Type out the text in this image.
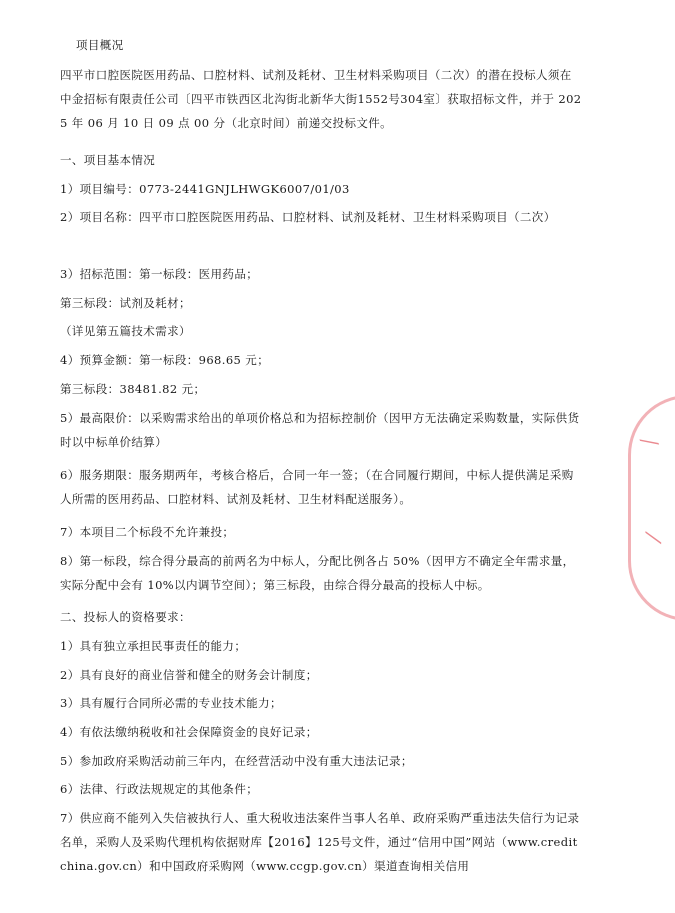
项目概况

四平市口腔医院医用药品、口腔材料、试剂及耗材、卫生材料采购项目（二次）的潜在投标人须在中金招标有限责任公司〔四平市铁西区北沟街北新华大街1552号304室〕获取招标文件，并于 2025 年 06 月 10 日 09 点 00 分（北京时间）前递交投标文件。

一、项目基本情况

1）项目编号：0773-2441GNJLHWGK6007/01/03

2）项目名称：四平市口腔医院医用药品、口腔材料、试剂及耗材、卫生材料采购项目（二次）

3）招标范围：第一标段：医用药品；

第三标段：试剂及耗材；

（详见第五篇技术需求）

4）预算金额：第一标段：968.65 元；

第三标段：38481.82 元；

5）最高限价：以采购需求给出的单项价格总和为招标控制价（因甲方无法确定采购数量，实际供货时以中标单价结算）

6）服务期限：服务期两年，考核合格后，合同一年一签；（在合同履行期间，中标人提供满足采购人所需的医用药品、口腔材料、试剂及耗材、卫生材料配送服务）。

7）本项目二个标段不允许兼投；

8）第一标段，综合得分最高的前两名为中标人，分配比例各占 50%（因甲方不确定全年需求量，实际分配中会有 10%以内调节空间）；第三标段，由综合得分最高的投标人中标。

二、投标人的资格要求：

1）具有独立承担民事责任的能力；

2）具有良好的商业信誉和健全的财务会计制度；

3）具有履行合同所必需的专业技术能力；

4）有依法缴纳税收和社会保障资金的良好记录；

5）参加政府采购活动前三年内，在经营活动中没有重大违法记录；

6）法律、行政法规规定的其他条件；

7）供应商不能列入失信被执行人、重大税收违法案件当事人名单、政府采购严重违法失信行为记录名单，采购人及采购代理机构依据财库【2016】125号文件，通过“信用中国”网站（www.creditchina.gov.cn）和中国政府采购网（www.ccgp.gov.cn）渠道查询相关信用

⁄
⁄
